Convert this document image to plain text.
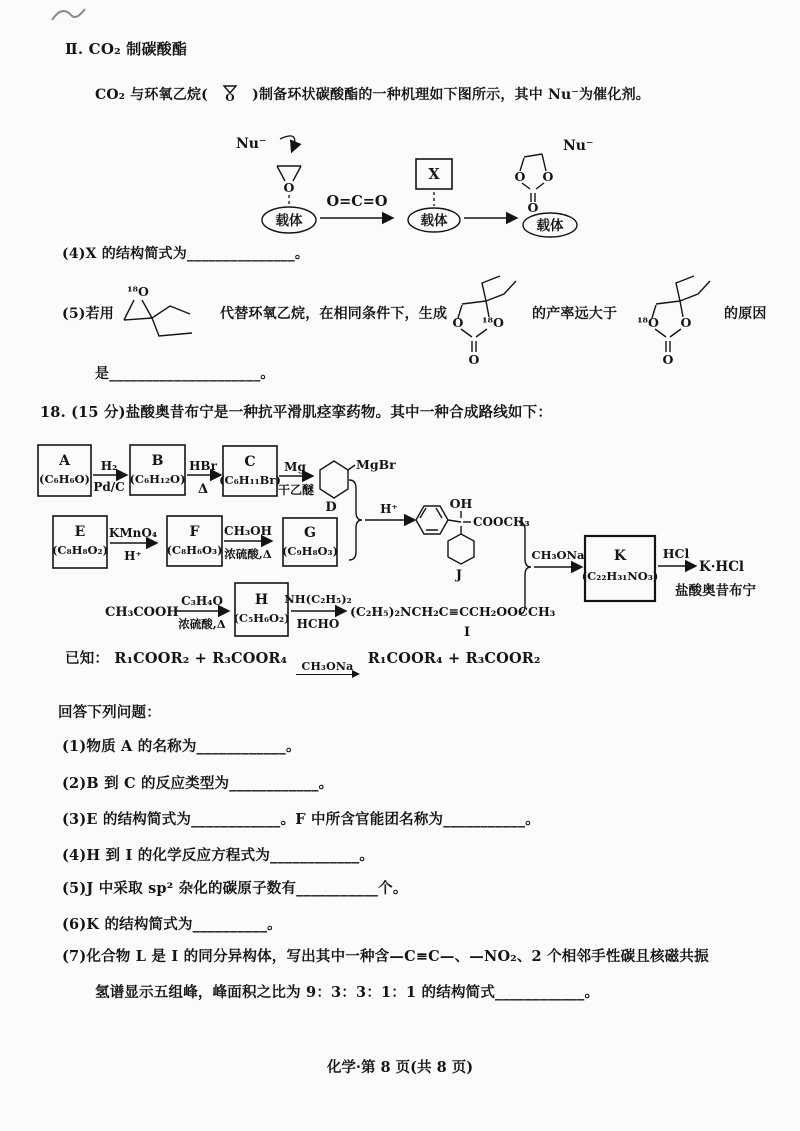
Ⅱ. CO₂ 制碳酸酯
CO₂ 与环氧乙烷( O )制备环状碳酸酯的一种机理如下图所示，其中 Nu⁻为催化剂。
Nu⁻
O
载体
O=C=O
X
载体
O O
O
Nu⁻
载体
(4)X 的结构简式为_______________。
(5)若用
¹⁸O
代替环氧乙烷，在相同条件下，生成
O ¹⁸O
O
的产率远大于
¹⁸O O
O
的原因
是_____________________。
18. (15 分)盐酸奥昔布宁是一种抗平滑肌痉挛药物。其中一种合成路线如下：
A
(C₆H₆O)
H₂
Pd/C
B
(C₆H₁₂O)
HBr
Δ
C
(C₆H₁₁Br)
Mg
干乙醚
MgBr
D	H⁺
E
(C₈H₈O₂)
KMnO₄
H⁺
F
(C₈H₆O₃)
CH₃OH
浓硫酸,Δ
G
(C₉H₈O₃)
OH
COOCH₃
J
CH₃ONa K
(C₂₂H₃₁NO₃)
HCl
K·HCl
盐酸奥昔布宁
CH₃COOH
C₃H₄O
浓硫酸,Δ
H
(C₅H₆O₂)
NH(C₂H₅)₂
HCHO
(C₂H₅)₂NCH₂C≡CCH₂OOCCH₃
I
已知： R₁COOR₂ + R₃COOR₄ CH₃ONa R₁COOR₄ + R₃COOR₂
回答下列问题：
(1)物质 A 的名称为____________。
(2)B 到 C 的反应类型为____________。
(3)E 的结构简式为____________。F 中所含官能团名称为___________。
(4)H 到 I 的化学反应方程式为____________。
(5)J 中采取 sp² 杂化的碳原子数有___________个。
(6)K 的结构简式为__________。
(7)化合物 L 是 I 的同分异构体，写出其中一种含—C≡C—、—NO₂、2 个相邻手性碳且核磁共振
氢谱显示五组峰，峰面积之比为 9：3：3：1：1 的结构简式____________。
化学·第 8 页(共 8 页)
